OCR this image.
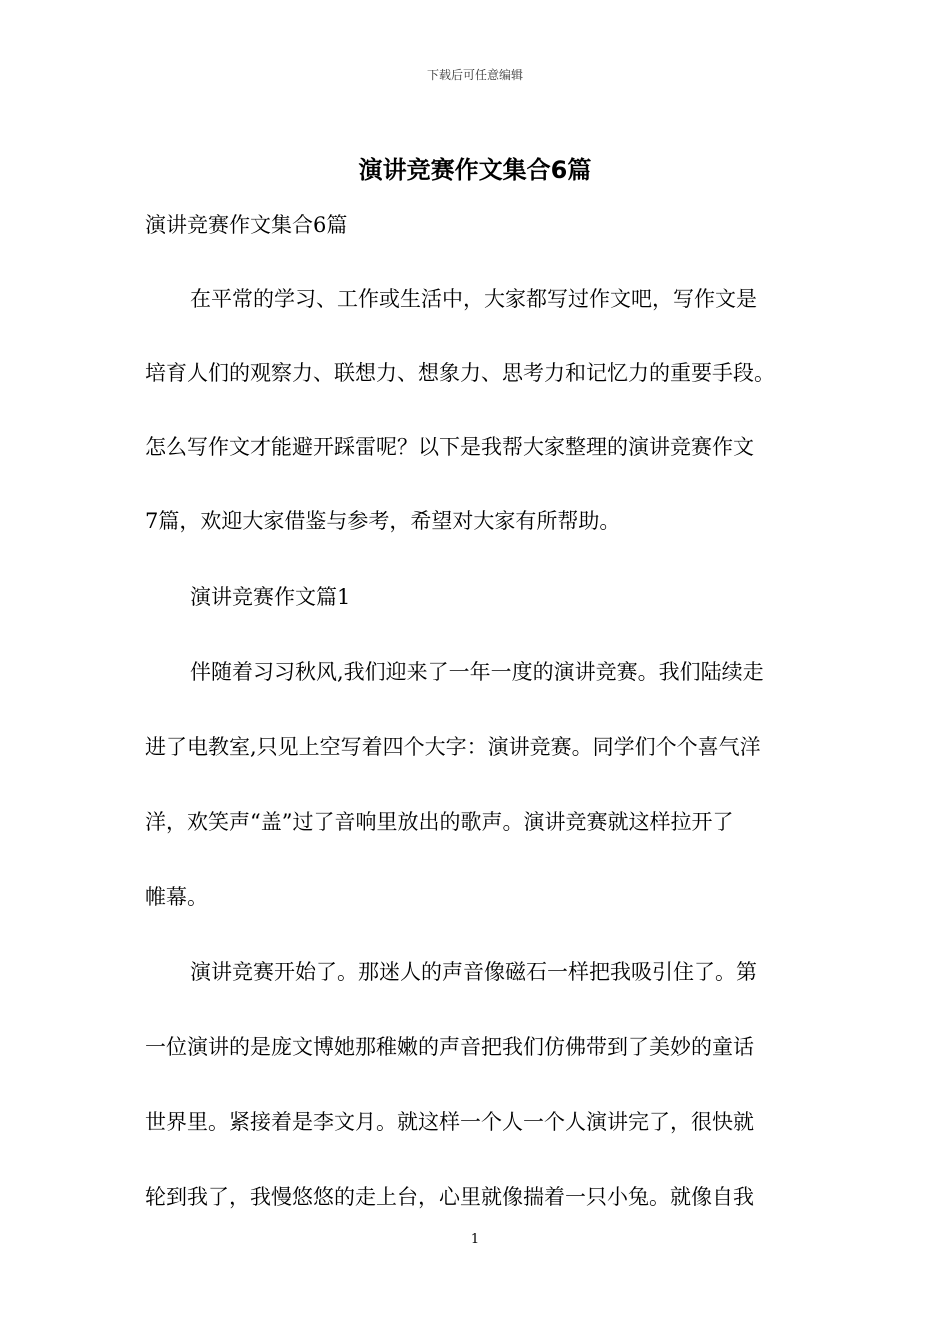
下载后可任意编辑
演讲竞赛作文集合6篇
演讲竞赛作文集合6篇
在平常的学习、工作或生活中，大家都写过作文吧，写作文是
培育人们的观察力、联想力、想象力、思考力和记忆力的重要手段。
怎么写作文才能避开踩雷呢？以下是我帮大家整理的演讲竞赛作文
7篇，欢迎大家借鉴与参考，希望对大家有所帮助。
演讲竞赛作文篇1
伴随着习习秋风,我们迎来了一年一度的演讲竞赛。我们陆续走
进了电教室,只见上空写着四个大字：演讲竞赛。同学们个个喜气洋
洋，欢笑声“盖”过了音响里放出的歌声。演讲竞赛就这样拉开了
帷幕。
演讲竞赛开始了。那迷人的声音像磁石一样把我吸引住了。第
一位演讲的是庞文博她那稚嫩的声音把我们仿佛带到了美妙的童话
世界里。紧接着是李文月。就这样一个人一个人演讲完了，很快就
轮到我了，我慢悠悠的走上台，心里就像揣着一只小兔。就像自我
1
